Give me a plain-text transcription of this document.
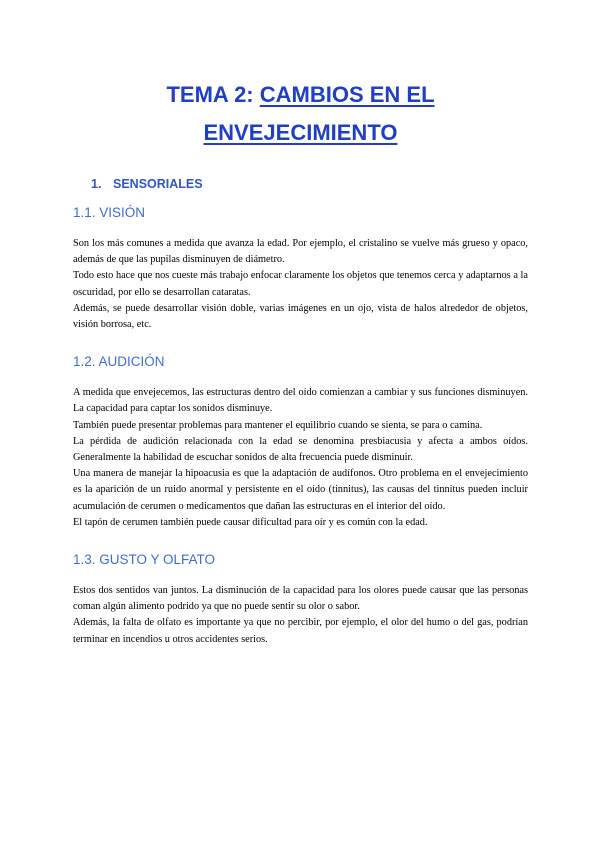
TEMA 2: CAMBIOS EN EL
ENVEJECIMIENTO
1. SENSORIALES
1.1. VISIÓN

Son los más comunes a medida que avanza la edad. Por ejemplo, el cristalino se vuelve más grueso y opaco, además de que las pupilas disminuyen de diámetro.

Todo esto hace que nos cueste más trabajo enfocar claramente los objetos que tenemos cerca y adaptarnos a la oscuridad, por ello se desarrollan cataratas.

Además, se puede desarrollar visión doble, varias imágenes en un ojo, vista de halos alrededor de objetos, visión borrosa, etc.

1.2. AUDICIÓN

A medida que envejecemos, las estructuras dentro del oído comienzan a cambiar y sus funciones disminuyen. La capacidad para captar los sonidos disminuye.

También puede presentar problemas para mantener el equilibrio cuando se sienta, se para o camina.

La pérdida de audición relacionada con la edad se denomina presbiacusia y afecta a ambos oídos. Generalmente la habilidad de escuchar sonidos de alta frecuencia puede disminuir.

Una manera de manejar la hipoacusia es que la adaptación de audífonos. Otro problema en el envejecimiento es la aparición de un ruido anormal y persistente en el oído (tinnitus), las causas del tinnitus pueden incluir acumulación de cerumen o medicamentos que dañan las estructuras en el interior del oído.

El tapón de cerumen también puede causar dificultad para oír y es común con la edad.

1.3. GUSTO Y OLFATO

Estos dos sentidos van juntos. La disminución de la capacidad para los olores puede causar que las personas coman algún alimento podrido ya que no puede sentir su olor o sabor.

Además, la falta de olfato es importante ya que no percibir, por ejemplo, el olor del humo o del gas, podrían terminar en incendios u otros accidentes serios.
